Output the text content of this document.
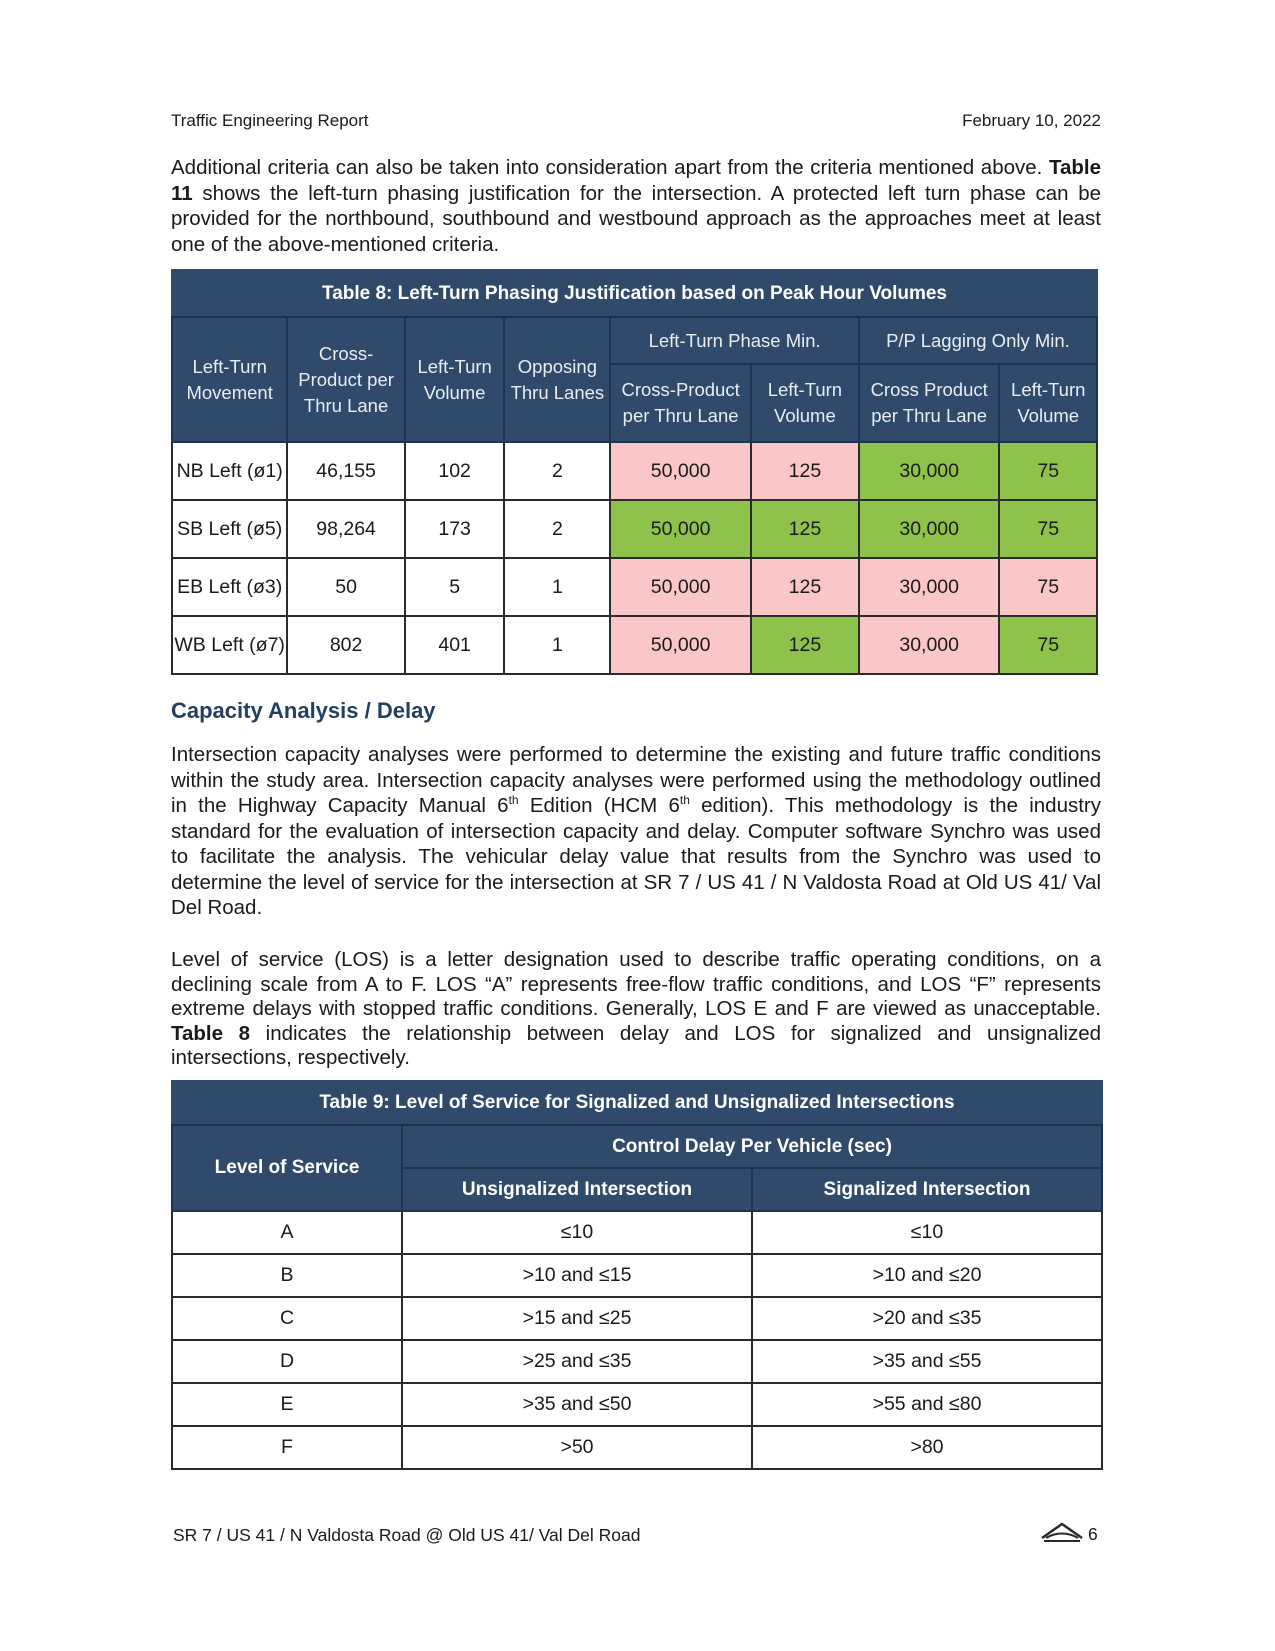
Traffic Engineering Report	February 10, 2022

Additional criteria can also be taken into consideration apart from the criteria mentioned above. Table 11 shows the left-turn phasing justification for the intersection. A protected left turn phase can be provided for the northbound, southbound and westbound approach as the approaches meet at least one of the above-mentioned criteria.

Table 8: Left-Turn Phasing Justification based on Peak Hour Volumes							
Left-Turn Movement	Cross-Product per Thru Lane	Left-Turn Volume	Opposing Thru Lanes	Left-Turn Phase Min.		P/P Lagging Only Min.	
				Cross-Product per Thru Lane	Left-Turn Volume	Cross Product per Thru Lane	Left-Turn Volume
NB Left (ø1)	46,155	102	2	50,000	125	30,000	75
SB Left (ø5)	98,264	173	2	50,000	125	30,000	75
EB Left (ø3)	50	5	1	50,000	125	30,000	75
WB Left (ø7)	802	401	1	50,000	125	30,000	75
Capacity Analysis / Delay

Intersection capacity analyses were performed to determine the existing and future traffic conditions within the study area. Intersection capacity analyses were performed using the methodology outlined in the Highway Capacity Manual 6th Edition (HCM 6th edition). This methodology is the industry standard for the evaluation of intersection capacity and delay. Computer software Synchro was used to facilitate the analysis. The vehicular delay value that results from the Synchro was used to determine the level of service for the intersection at SR 7 / US 41 / N Valdosta Road at Old US 41/ Val Del Road.

Level of service (LOS) is a letter designation used to describe traffic operating conditions, on a declining scale from A to F. LOS “A” represents free-flow traffic conditions, and LOS “F” represents extreme delays with stopped traffic conditions. Generally, LOS E and F are viewed as unacceptable. Table 8 indicates the relationship between delay and LOS for signalized and unsignalized intersections, respectively.

Table 9: Level of Service for Signalized and Unsignalized Intersections		
Level of Service	Control Delay Per Vehicle (sec)	
	Unsignalized Intersection	Signalized Intersection
A	≤10	≤10
B	>10 and ≤15	>10 and ≤20
C	>15 and ≤25	>20 and ≤35
D	>25 and ≤35	>35 and ≤55
E	>35 and ≤50	>55 and ≤80
F	>50	>80
SR 7 / US 41 / N Valdosta Road @ Old US 41/ Val Del Road	6
